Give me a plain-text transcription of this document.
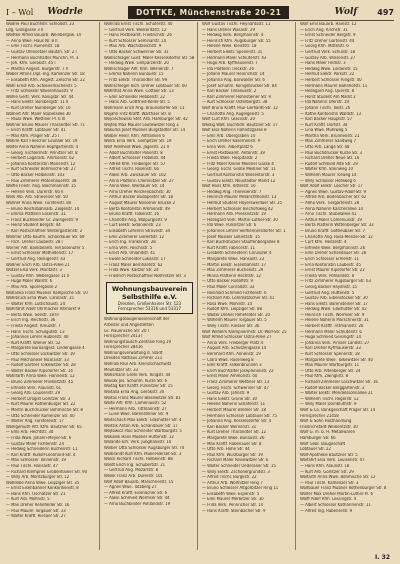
I – Wol Wodrle	DOTTKE, Münchenstraße 20-21	Wolf	497
Wodrle Paul Buchhdlr. Schloßstr. 23
Ldg. Großgasse 3 II
Wodtke Alfred Bauarb. Weinbergsw. 14
— Anna Wwe. Haus Nr. 8 II
— Emil Tischl. Ruinenstr. 18
— Gustav Ofensetzer Bautzn. Str. 2 I
— Hermann Buchhalter Münchn. Pl. 3
— Joh. Kfm. Gerokstr. 45 I
— Martha Angest. Bürgerstr. 7 II
Wöber Alfons Dipl.-Ing. Kamenzer Str. 18
— Elisabeth Kfm. Angest. Zelsche Str. 22
Wöhl Ernst Arb. Schleiermacherstr. 5
— Fritz Schlosser Waisenhausstr. 9
Wöhle Gertr. Verk. Königsbr. Str. 44
— Hans Elektr. Borsbergstr. 11 II
— Kurt Dreher Nürnberger Str. 16
Wöhlert Alfr. Maler Stübelallee 30
— Paula Wwe. Wettiner Pl. 6 III
Wöhner Bruno Maurer Tharandter Str. 71
— Erich Kraftf. Löbtauer Str. 41
— Max Kfm. Prager Str. 25 I
Wöhrle Karl Fleischer Grunaer Str. 19
Wölfel Anna Näherin Hopfgartenstr. 4
— Georg Tischlermstr. Pillnitzer Str. 8
— Herbert Lagerarb. Ammonstr. 62
— Johanna Kontoristin Marienstr. 12
— Kurt Schneider Böhmische Str. 27
— Otto Bäcker Holbeinstr. 103
— Paul Zimmerer Pfotenhauerstr. 38
Wölfle Friedr. Ang. Blochmannstr. 15
— Helene Verk. Dürerstr. 66 II
Wölk Alb. Arb. Striesener Str. 50
Wöllner Anna Wwe. Fürstenstr. 80
— Bruno Reichsbahnarb. Ziegelstr. 14
— Emma Plätterin Elisenstr. 31
— Franz Buchbinder Gr. Zwingerstr. 9
— Heinz Student Bergstr. 44
— Karl Postschaffner Wintergartenstr. 2
Wöllmer Otto Kaufm. Schandauer Str. 69
— Rich. Dreher Laubestr. 28 I
Wörner Alfr. Bankbeamt. Terrassenufer 5
— Ernst Schlosser Mathildenstr. 17
— Gertrud Ang. Reißigerstr. 43
Wößner Erich Arb. Ostra-Allee 21
Wötzel Elsa Verk. Moritzstr. 3
— Gustav Kfm. Webergasse 11 II
— Hugo Maler Wallstr. 6
— Max Arb. Sporergasse 2
Wohanka Franz Musiker Rampische Str. 10
Wohlbrück Erna Wwe. Carolastr. 15
— Walter Kfm. Lüttichaustr. 24
Wohlfahrt Adolf Uhrmacher Altmarkt 9
— Berta Wwe. Seestr. 18 III
— Erich Ing. Reichsstr. 36
— Frieda Angest. Kreuzstr. 7
— Hans Tischl. Schulgutstr. 13
— Johannes Lehrer Hüblerstr. 40
— Kurt Kraftf. Wiener Str. 52
— Margarete Büroangest. Lindengasse 4
— Otto Schlosser Lockwitzer Str. 19
— Paul Mechaniker Nicolaistr. 33
— Rudolf Gärtner Tolkewitzer Str. 28
— Walter Bäcker Kipsdorfer Str. 14
Wohlfarth Anna Wwe. Hähnelstr. 12
— Bruno Zimmerer Prießnitzstr. 45
— Elfriede Verk. Alaunstr. 61
— Georg Arb. Louisenstr. 29
— Herbert Drogist Görlitzer Str. 3
— Kurt Maurer Rothenburger Str. 22
— Martin Buchdrucker Böhmische Str. 8
— Otto Schneider Kamenzer Str. 40
— Walter Ang. Förstereistr. 17
Wohlgemuth Alfr. Kfm. Bautzner Str. 65
— Emil Arb. Hechtstr. 30
— Frida Wwe. Johann-Meyer-Str. 6
— Gustav Maler Fichtenstr. 24
— Hedwig Schneiderin Buchenstr. 11
— Karl Kraftf. Rudolf-Leonhard-Str. 4
— Max Schlosser Tannenstr. 19
— Paul Tischl. Hansastr. 47
— Richard Klempner Großenhainer Str. 90
— Willy Arb. Moritzburger Str. 12
Wohllebe Anna Wwe. Leipziger Str. 35
— Ernst Eisenbahner Konkordienstr. 8
— Hans Kfm. Oschatzer Str. 21
— Kurt Arb. Mohnstr. 5
— Max Dreher Rehefelder Str. 16
— Paul Maurer Torgauer Str. 33
— Walter Kraftf. Riesaer Str. 27
Wohlrab Ernst Tischl. Schäferstr. 40
— Gertrud Verk. Weißeritzstr. 12
— Hans Postbeamt. Friedrichstr. 26
— Kurt Schlosser Seminarstr. 14
— Max Arb. Wachsbleichstr. 9
— Otto Bäcker Schweriner Str. 31
Wohlschläger Gust. Maler Kesselsdorfer Str. 58
— Hedwig Wwe. Grillparzerstr. 20
Wohlschläger Alfr. Kfm. Wernerstr. 7
— Emma Näherin Bünaustr. 15
— Fritz Elektr. Tharandter Str. 99
Wohlschlegel Rich. Dreher Löbtauer Str. 60
Wohlthat Anna Wwe. Cottaer Str. 13
— Emil Schneider Hebbelstr. 22
— Hans Arb. Gottfried-Keller-Str. 5
Wohmann Erich Ang. Braunsdorfer Str. 11
Wojahn Fritz Kraftf. Warthaer Str. 8
Wojciechowski Stef. Arb. Hamburger Str. 42
Wojtek Max Maurer Leutewitzer Ring 3
Wokurka Josef Musiker Burgstädter Str. 14
Wolber Heinr. Kfm. Altfranken 6
Wolck Erna Verk. Gompitzer Str. 19
Wolf Adelheid Wwe. Jägerstr. 21 II
— Adolf Buchhalter Polierstr. 8
— Albert Schlosser Fröbelstr. 44
— Alfred Kfm. Freiberger Str. 57
— Alfred Tischl. Rosenstr. 66
— Alwin Arb. Zwickauer Str. 102
— Anna Plätterin Chemnitzer Str. 27
— Anna Wwe. Werdauer Str. 14
— Arno Dreher Reichenbachstr. 30
— Arthur Bäcker Budapester Str. 18
— August Maurer Nossener Brücke 2
— Berta Kontoristin Ammonstr. 49
— Bruno Kraftf. Falkenstr. 16
— Charlotte Ang. Walpurgisstr. 9
— Curt Elektr. Sidonienstr. 23
— Elisabeth Lehrerin Struvestr. 34
— Emil Zimmerer Gellertstr. 12
— Erich Ing. Franklinstr. 28
— Erna Verk. Reichsstr. 5
— Ernst Arb. Uhlandstr. 41
— Ewald Schneider Lukasstr. 17
— Franz Maler Bernhardstr. 62
— Frida Wwe. Kaitzer Str. 24
— Friedrich Postschaffner Nöthnitzer Str. 3
Wohnungsbauverein
Selbsthilfe e.V.
Dresden, Großenhainer Str. 123
Fernsprecher 53316 und 53317
Wohnungsbaugenossenschaft der
Arbeiter und Angestellten
Gr. Plauensche Str. 20 I
Fernsprecher 24137
Wohnungstausch-Zentrale Ring 19
Fernsprecher 28416
Wohnungsverwaltung d. Stadt
Dresden Rathaus Zimmer 211
Wohrab Paul Arb. Kleinzschachwitz
Meußlitzer Str. 33
Wohsmann Grete Verk. Ringstr. 44
Woisak Jos. Schuhm. Kurze Str. 6
Woitag Karl Kraftf. Pulsnitzer Str. 15
Woitalla Erna Ang. Gerokstr. 30
Woitas Franz Maurer Blasewitzer Str. 81
Woite Alfr. Kfm. Comeniusstr. 52
— Hermann Arb. Tittmannstr. 27
— Luise Wwe. Bärensteiner Str. 9
Woitschach Max Elektr. Glashütter Str. 4
Woitzik Anton Arb. Schandauer Str. 17
Wojtowicz Paul Schneider Wartburgstr. 5
Wokalek Hans Musiker Hüttenstr. 12
Wolande Elfr. Verk. Junghansstr. 10
Wolber Otto Schlosser Augsburger Str. 70
Wolbrandt Kurt Kfm. Müller-Berset-Str. 3
Wolck Richard Tischl. Holbeinstr. 88
Woldt Erich Ing. Schubertstr. 21
— Gertrud Ang. Mozartstr. 8
Wolek Franz Arb. Dürerstr. 101
Wolf Adolf Bauarb. Marschnerstr. 15
— Agnes Wwe. Tatzberg 27
— Alfred Kraftf. Eisenacher Str. 6
— Alwin Schmied Wormser Str. 44
— Arno Buchbinder Pohlandstr. 19
Wolf Gustav Tischl. Heynahtsstr. 11
— Hans Dreher Wasastr. 29
— Hedwig Verk. Bergmannstr. 4
— Heinrich Kfm. Augsburger Str. 55
— Helene Wwe. Kleiststr. 18
— Herbert Elektr. Spenerstr. 31
— Hermann Maler Schlüterstr. 43
— Hugo Arb. Kyffhäuserstr. 7
— Ida Plätterin Tieckstr. 26
— Johann Maurer Heinrichstr. 14
— Johanna Ang. Bärwalder Str. 6
— Josef Schuhm. Königsbrücker Str. 84
— Karl Bäcker Timaeusstr. 2
— Karl Zimmerer Hohnsteiner Str. 9
— Kurt Schlosser Osterbergstr. 38
Wolf Bruno Kraftf. Paul-Gerhardt-Str. 12
— Charlotte Ang. Kügelgenstr. 5
Wolf Curt Kfm. Glacisstr. 20
Weißig Walt. Buchhdlr. Bautzner Str. 17
Wolf Elsa Näherin Rähnitzgasse 8
— Emil Arb. Obergraben 14
— Erich Dreher Kasernenstr. 9
— Erna Verk. Albertplatz 6
— Ernst Postbeamt. Antonstr. 39
— Frieda Wwe. Hospitalstr. 2
— Fritz Maler Kleine Meißner Gasse 4
— Georg Tischl. Große Meißner Str. 11
— Gertrud Kontoristin Wiesentorstr. 3
— Gustav Elektr. Neustädter Markt 12
Wolf Hans Kfm. Ritterstr. 16
— Hedwig Ang. Theresienstr. 7
— Heinrich Maurer Melanchthonstr. 13
— Helmut Student Hoyerswerdaer Str. 25
— Herbert Schlosser Bischofsweg 42
— Hermann Arb. Priessnitzstr. 19
— Hildegard Verk. Martin-Luther-Str. 30
— Ida Wwe. Pulsnitzer Str. 6
— Johannes Lehrer Seifhennersdorfer Str. 1
— Josef Musiker Lößnitzstr. 15
— Karl Buchdrucker Stauffenbergallee 8
— Kurt Kraftf. Fabricestr. 11
— Liesbeth Schneiderin Carusufer 4
— Margarete Wwe. Hansastr. 23
— Martin Elektr. Eisenbahnstr. 17
— Max Zimmerer Buchenstr. 29
— Minna Plätterin Hechtstr. 12
— Otto Bäcker Rudolfstr. 9
— Paul Maler Conradstr. 33
— Reinhold Schmied Fichtenstr. 6
— Richard Arb. Lommatzscher Str. 41
— Rosa Wwe. Mohnstr. 14
— Rudolf Kfm. Leipziger Str. 88
— Walter Dreher Rehefelder Str. 20
— Wilhelm Maurer Torgauer Str. 5
— Willy Tischl. Riesaer Str. 36
Wolf Wilhelm Klempnermstr. Dr.-Wolf-Str. 25
Wolf Alfred Schlosser Ostra-Allee 27
— Anna Verk. Freiberger Platz 4
— August Arb. Schützengasse 14
— Bernhard Kfm. Annenstr. 19
— Clara Wwe. Rosenweg 8
— Emil Kraftf. Falkenbrunnen 3
— Erich Buchhalter Josephinenstr. 22
— Ernst Maler Ammonstr. 60
— Franz Zimmerer Wettiner Str. 13
— Georg Tischl. Schweriner Str. 47
— Gustav Arb. Jahnstr. 9
— Hans Elektr. Grüne Str. 30
— Helene Näherin Schäferstr. 11
— Herbert Maurer Bremer Str. 18
— Hermann Schlosser Löbtauer Str. 75
— Johanna Ang. Kesselsdorfer Str. 4
— Karl Bäcker Wernerstr. 31
— Kurt Dreher Tharandter Str. 12
— Margarete Wwe. Bünaustr. 26
— Max Kraftf. Rabenauer Str. 8
— Otto Arb. Hohe Str. 44
— Paul Kfm. Würzburger Str. 19
— Richard Maler Reisewitzer Str. 6
— Walter Schneider Oederaner Str. 15
— Willy Elektr. Zschonergrundstr. 3
— Alfred Tischl. Burgkstr. 22
— Arthur Arb. Wölfnitzer Ring 7
— Bruno Schlosser Altgorbitzer Ring 11
— Elisabeth Wwe. Espenstr. 5
— Emil Maurer Merbitzer Str. 30
— Frida Verk. Pennricher Str. 14
— Hans Kraftf. Steinbacher Str. 9
Wolf Emil Bauarb. Hainstr. 12
— Erich Ang. Kirchstr. 31
— Ernst Schneider Bergstr. 9
— Fritz Dreher Gartenstr. 44
— Georg Kfm. Mittelstr. 6
— Gertrud Verk. Schulstr. 18
— Gustav Arb. Wiesenstr. 27
— Hans Maler Feldstr. 3
— Hedwig Wwe. Lindenstr. 15
— Helmut Elektr. Parkstr. 22
— Herbert Schlosser Ringstr. 40
— Hermann Maurer Bahnhofstr. 11
— Hildegard Ang. Querstr. 8
— Horst Student Am Markt 2
— Ida Näherin Uferstr. 19
— Johann Tischl. Talstr. 26
— Käthe Kontoristin Waldstr. 13
— Karl Bäcker Hauptstr. 57
— Kurt Kraftf. Dorfstr. 34
— Lina Wwe. Mühlweg 5
— Martha Verk. Brunnenstr. 21
— Max Zimmerer Sandweg 7
— Otto Arb. Lange Str. 48
— Paul Buchdrucker Kurze Str. 3
— Richard Dreher Neue Str. 16
— Rudolf Schmied Alte Str. 29
— Walter Kfm. Steinweg 10
— Wilhelm Maurer Torweg 14
— Willy Schlosser Hohlweg 6
Wolf Adolf Elektr. Löscher Str. 17
— Agnes Wwe. Gustav-Adolf-Str. 9
— Alfred Arb. Bodenbacher Str. 62
— Alma Verk. Tiergartenstr. 28
— Anna Näherin Karcherallee 14
— Arno Tischl. Stübelallee 41
— Arthur Maler Comeniusstr. 19
— Berta Plätterin Wittenberger Str. 33
— Bruno Kraftf. Gottleubaer Str. 7
— Charlotte Ang. Rosa-Menzer-Str. 12
— Curt Kfm. Henzestr. 4
— Elfriede Wwe. Bergmannstr. 26
— Emil Dreher Schandauer Str. 38
— Erich Schlosser Ermelstr. 11
— Erna Kontoristin Laubestr. 45
— Ernst Maurer Kipsdorfer Str. 22
— Frieda Verk. Pohlandstr. 8
— Fritz Zimmerer Augsburger Str. 63
— Georg Bäcker Haydnstr. 15
— Gertrud Ang. Huttenstr. 5
— Gustav Arb. Eibenstocker Str. 30
— Hans Elektr. Bärensteiner Str. 17
— Hedwig Wwe. Glashütter Str. 42
— Heinrich Tischl. Wormser Str. 9
— Helene Näherin Marschnerstr. 31
— Herbert Kraftf. Tittmannstr. 20
— Hermann Maler Schlüterstr. 6
— Hugo Schmied Geisingstr. 14
— Johanna Verk. Pirnaer Landstr. 27
— Karl Dreher Kyffhäuserstr. 33
— Kurt Schlosser Spenerstr. 18
— Margarete Wwe. Tolkewitzer Str. 40
— Max Maurer Wartburgstr. 11
— Otto Arb. Altenberger Str. 24
— Paul Kfm. Zwinglistr. 8
— Richard Zimmerer Loschwitzer Str. 16
— Rudolf Bäcker Berggartenstr. 3
— Walter Elektr. Mendelssohnallee 21
— Wilhelm Tischl. Regerstr. 12
— Willy Maler Dornblüthstr. 9
Wolf & Co. Bankgeschäft Prager Str. 14
Fernsprecher 21458
Wolf & Sohn Holzhandlung
Friedrichstadt Weißeritzstr. 30
Wolf G. m. b. H. Metallwaren
Hamburger Str. 66
Wolf Gebr. Baugeschäft
Löbtauer Str. 22
Wolf-Apotheke Bautzner Str. 5
Wolfahrt Elsa Verk. Louisenstr. 47
— Hans Kfm. Alaunstr. 18
— Kurt Arb. Görlitzer Str. 29
Wolfarth Anna Wwe. Böhmische Str. 12
— Paul Tischl. Kamenzer Str. 3
Wolfbauer Franz Musiker Rothenburger Str. 8
Wolfer Max Dreher Martin-Luther-Pl. 6
Wolff Adolf Kfm. Lessingstr. 4
— Albert Schlosser Katharinenstr. 11
— Alfred Ing. Rabenerstr. 9
I. 32
